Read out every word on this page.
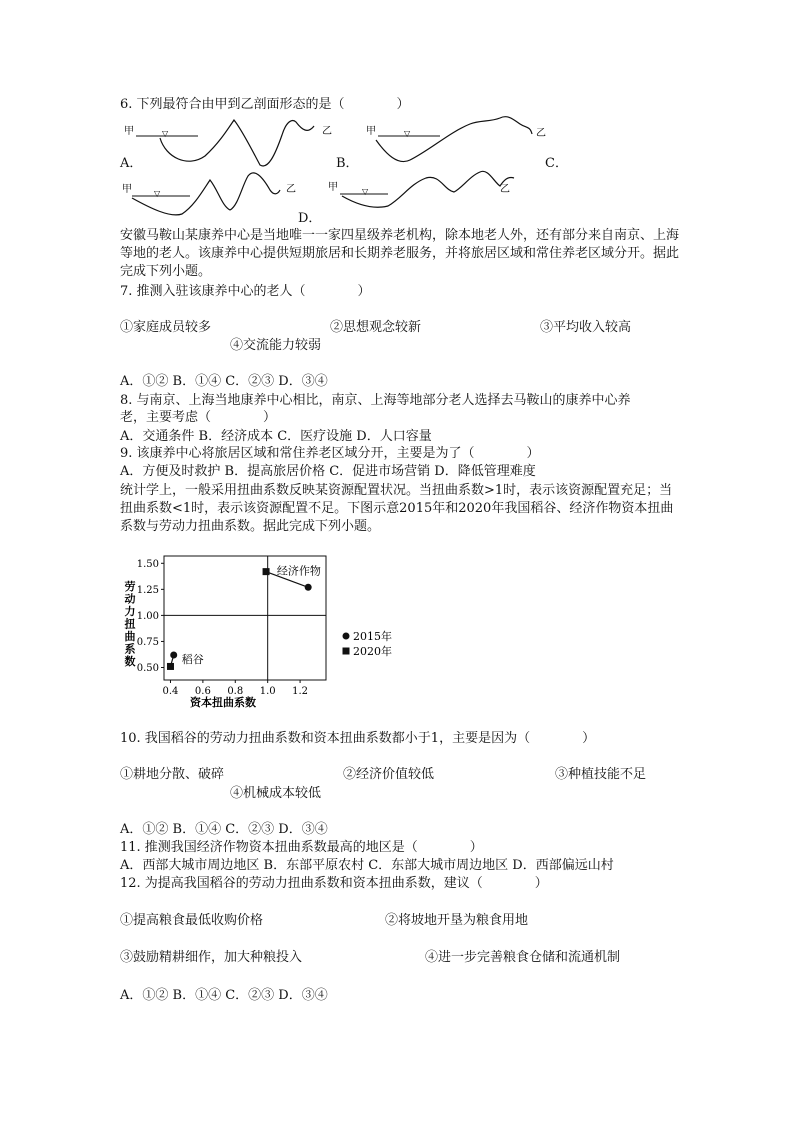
6. 下列最符合由甲到乙剖面形态的是（　　　　）
甲	▽	乙	甲	▽	乙
甲	▽	乙	甲	▽	乙
A．	B．	C．
D．
安徽马鞍山某康养中心是当地唯一一家四星级养老机构，除本地老人外，还有部分来自南京、上海等地的老人。该康养中心提供短期旅居和长期养老服务，并将旅居区域和常住养老区域分开。据此完成下列小题。
7. 推测入驻该康养中心的老人（　　　　）
①家庭成员较多	②思想观念较新	③平均收入较高
④交流能力较弱
A．①② B．①④ C．②③ D．③④
8. 与南京、上海当地康养中心相比，南京、上海等地部分老人选择去马鞍山的康养中心养
老，主要考虑（　　　　）
A．交通条件 B．经济成本 C．医疗设施 D．人口容量
9. 该康养中心将旅居区域和常住养老区域分开，主要是为了（　　　　）
A．方便及时救护 B．提高旅居价格 C．促进市场营销 D．降低管理难度
统计学上，一般采用扭曲系数反映某资源配置状况。当扭曲系数>1时，表示该资源配置充足；当扭曲系数<1时，表示该资源配置不足。下图示意2015年和2020年我国稻谷、经济作物资本扭曲系数与劳动力扭曲系数。据此完成下列小题。
0.4 0.6 0.8 1.0 1.2
0.50
0.75
1.00
1.25
1.50
资本扭曲系数
劳
动
力
扭
曲
系
数
经济作物
稻谷
2015年
2020年
10. 我国稻谷的劳动力扭曲系数和资本扭曲系数都小于1，主要是因为（　　　　）
①耕地分散、破碎	②经济价值较低	③种植技能不足
④机械成本较低
A．①② B．①④ C．②③ D．③④
11. 推测我国经济作物资本扭曲系数最高的地区是（　　　　）
A．西部大城市周边地区 B．东部平原农村 C．东部大城市周边地区 D．西部偏远山村
12. 为提高我国稻谷的劳动力扭曲系数和资本扭曲系数，建议（　　　　）
①提高粮食最低收购价格	②将坡地开垦为粮食用地
③鼓励精耕细作，加大种粮投入	④进一步完善粮食仓储和流通机制
A．①② B．①④ C．②③ D．③④
